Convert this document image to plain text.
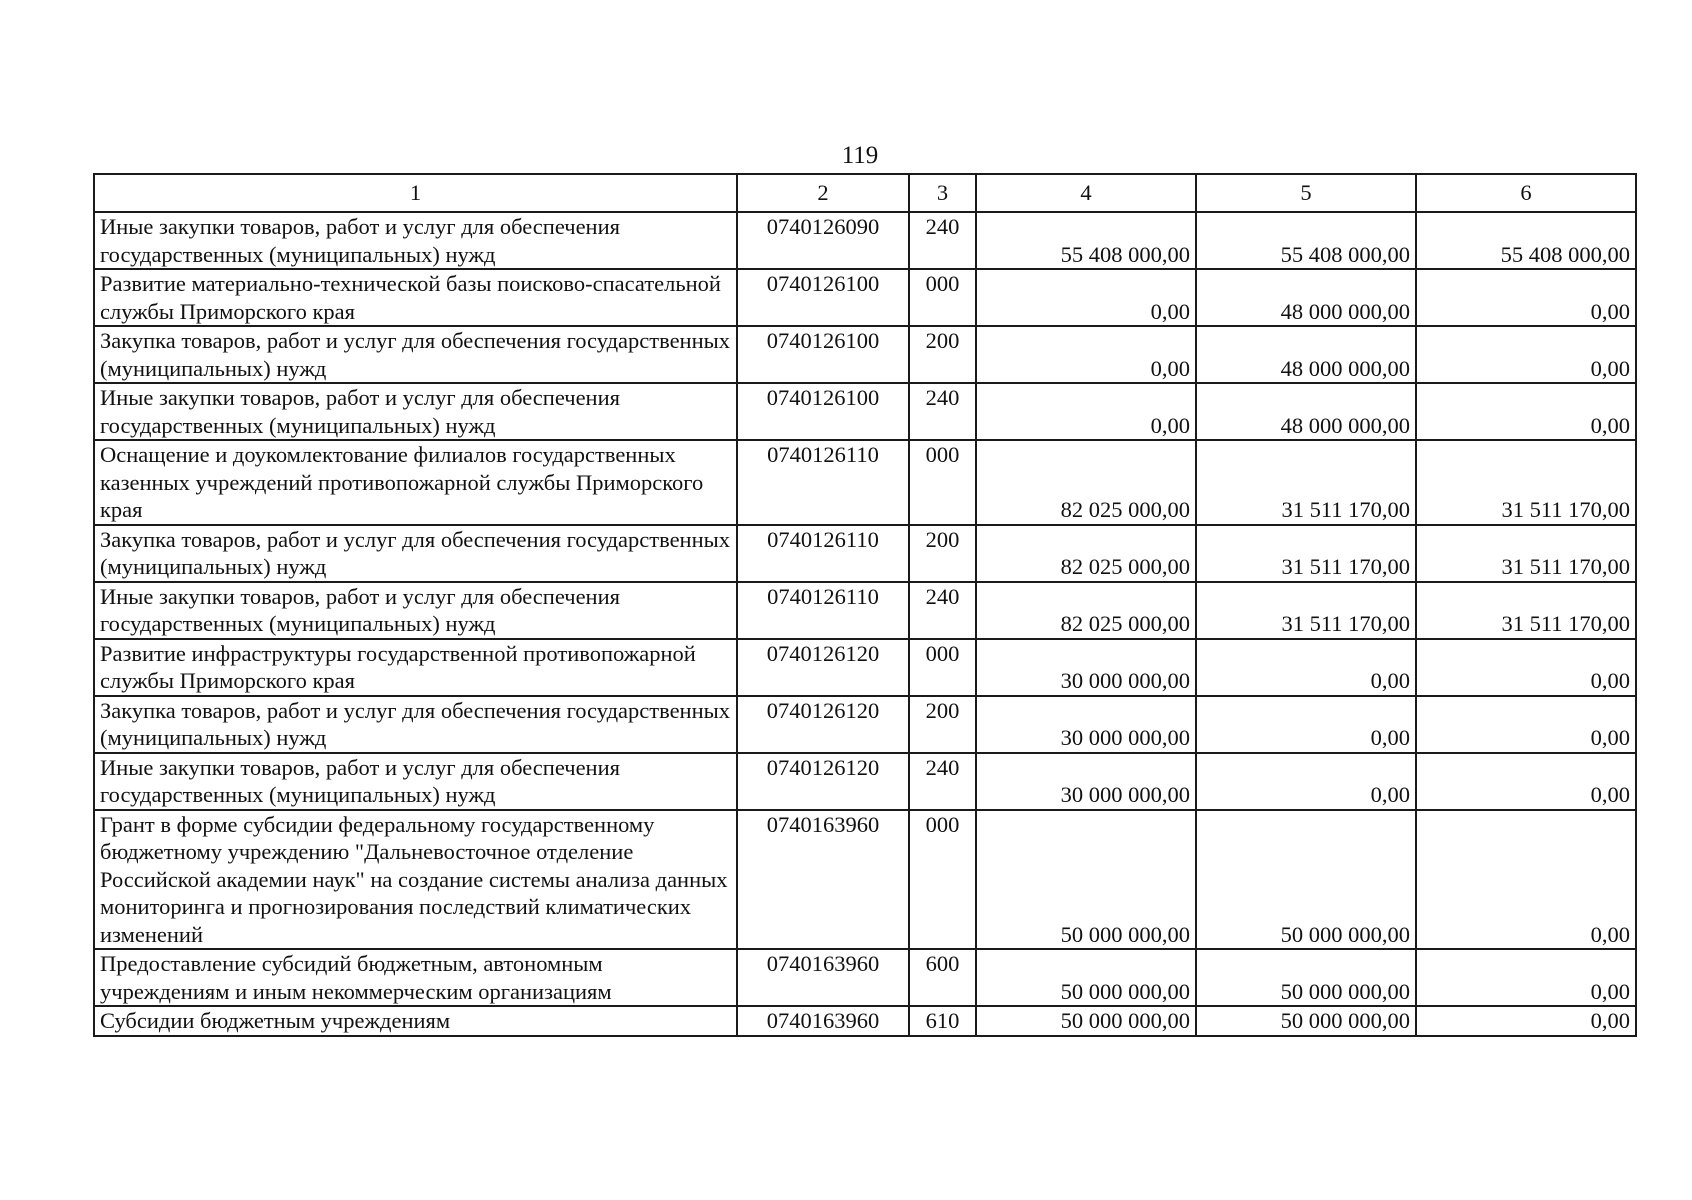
119
1	2	3	4	5	6
Иные закупки товаров, работ и услуг для обеспечения государственных (муниципальных) нужд	0740126090	240	55 408 000,00	55 408 000,00	55 408 000,00
Развитие материально-технической базы поисково-спасательной службы Приморского края	0740126100	000	0,00	48 000 000,00	0,00
Закупка товаров, работ и услуг для обеспечения государственных (муниципальных) нужд	0740126100	200	0,00	48 000 000,00	0,00
Иные закупки товаров, работ и услуг для обеспечения государственных (муниципальных) нужд	0740126100	240	0,00	48 000 000,00	0,00
Оснащение и доукомлектование филиалов государственных казенных учреждений противопожарной службы Приморского края	0740126110	000	82 025 000,00	31 511 170,00	31 511 170,00
Закупка товаров, работ и услуг для обеспечения государственных (муниципальных) нужд	0740126110	200	82 025 000,00	31 511 170,00	31 511 170,00
Иные закупки товаров, работ и услуг для обеспечения государственных (муниципальных) нужд	0740126110	240	82 025 000,00	31 511 170,00	31 511 170,00
Развитие инфраструктуры государственной противопожарной службы Приморского края	0740126120	000	30 000 000,00	0,00	0,00
Закупка товаров, работ и услуг для обеспечения государственных (муниципальных) нужд	0740126120	200	30 000 000,00	0,00	0,00
Иные закупки товаров, работ и услуг для обеспечения государственных (муниципальных) нужд	0740126120	240	30 000 000,00	0,00	0,00
Грант в форме субсидии федеральному государственному бюджетному учреждению "Дальневосточное отделение Российской академии наук" на создание системы анализа данных мониторинга и прогнозирования последствий климатических изменений	0740163960	000	50 000 000,00	50 000 000,00	0,00
Предоставление субсидий бюджетным, автономным учреждениям и иным некоммерческим организациям	0740163960	600	50 000 000,00	50 000 000,00	0,00
Субсидии бюджетным учреждениям	0740163960	610	50 000 000,00	50 000 000,00	0,00
